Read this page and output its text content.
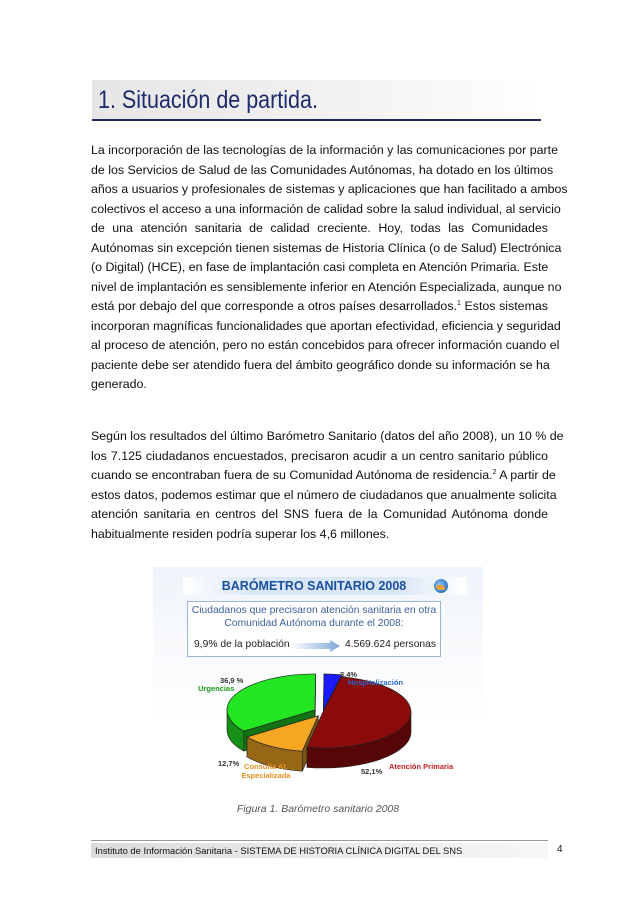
1. Situación de partida.
La incorporación de las tecnologías de la información y las comunicaciones por parte
de los Servicios de Salud de las Comunidades Autónomas, ha dotado en los últimos
años a usuarios y profesionales de sistemas y aplicaciones que han facilitado a ambos
colectivos el acceso a una información de calidad sobre la salud individual, al servicio
de una atención sanitaria de calidad creciente. Hoy, todas las Comunidades
Autónomas sin excepción tienen sistemas de Historia Clínica (o de Salud) Electrónica
(o Digital) (HCE), en fase de implantación casi completa en Atención Primaria. Este
nivel de implantación es sensiblemente inferior en Atención Especializada, aunque no
está por debajo del que corresponde a otros países desarrollados.$^1$ Estos sistemas
incorporan magníficas funcionalidades que aportan efectividad, eficiencia y seguridad
al proceso de atención, pero no están concebidos para ofrecer información cuando el
paciente debe ser atendido fuera del ámbito geográfico donde su información se ha
generado.
Según los resultados del último Barómetro Sanitario (datos del año 2008), un 10 % de
los 7.125 ciudadanos encuestados, precisaron acudir a un centro sanitario público
cuando se encontraban fuera de su Comunidad Autónoma de residencia.$^2$ A partir de
estos datos, podemos estimar que el número de ciudadanos que anualmente solicita
atención sanitaria en centros del SNS fuera de la Comunidad Autónoma donde
habitualmente residen podría superar los 4,6 millones.
BARÓMETRO SANITARIO 2008
Ciudadanos que precisaron atención sanitaria en otra
Comunidad Autónoma durante el 2008:
9,9% de la población	4.569.624 personas
36,9 %
Urgencias
3,4%
Hospitalización
12,7% Consulta At. Especializada	52,1%
Atención Primaria
Figura 1. Barómetro sanitario 2008
Instituto de Información Sanitaria - SISTEMA DE HISTORIA CLÍNICA DIGITAL DEL SNS	4
